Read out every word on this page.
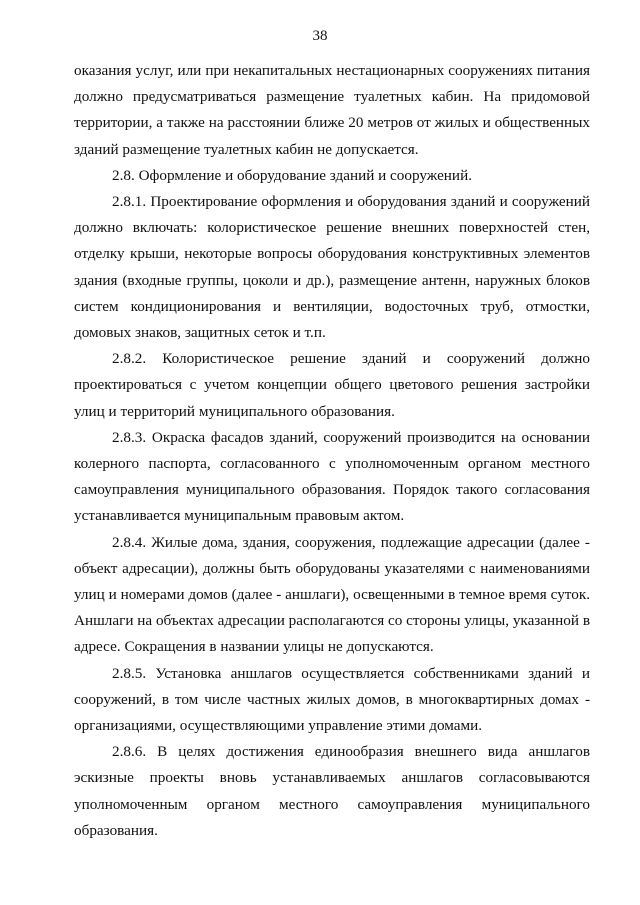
38

оказания услуг, или при некапитальных нестационарных сооружениях питания должно предусматриваться размещение туалетных кабин. На придомовой территории, а также на расстоянии ближе 20 метров от жилых и общественных зданий размещение туалетных кабин не допускается.

2.8. Оформление и оборудование зданий и сооружений.

2.8.1. Проектирование оформления и оборудования зданий и сооружений должно включать: колористическое решение внешних поверхностей стен, отделку крыши, некоторые вопросы оборудования конструктивных элементов здания (входные группы, цоколи и др.), размещение антенн, наружных блоков систем кондиционирования и вентиляции, водосточных труб, отмостки, домовых знаков, защитных сеток и т.п.

2.8.2. Колористическое решение зданий и сооружений должно проектироваться с учетом концепции общего цветового решения застройки улиц и территорий муниципального образования.

2.8.3. Окраска фасадов зданий, сооружений производится на основании колерного паспорта, согласованного с уполномоченным органом местного самоуправления муниципального образования. Порядок такого согласования устанавливается муниципальным правовым актом.

2.8.4. Жилые дома, здания, сооружения, подлежащие адресации (далее - объект адресации), должны быть оборудованы указателями с наименованиями улиц и номерами домов (далее - аншлаги), освещенными в темное время суток. Аншлаги на объектах адресации располагаются со стороны улицы, указанной в адресе. Сокращения в названии улицы не допускаются.

2.8.5. Установка аншлагов осуществляется собственниками зданий и сооружений, в том числе частных жилых домов, в многоквартирных домах - организациями, осуществляющими управление этими домами.

2.8.6. В целях достижения единообразия внешнего вида аншлагов эскизные проекты вновь устанавливаемых аншлагов согласовываются уполномоченным органом местного самоуправления муниципального образования.
